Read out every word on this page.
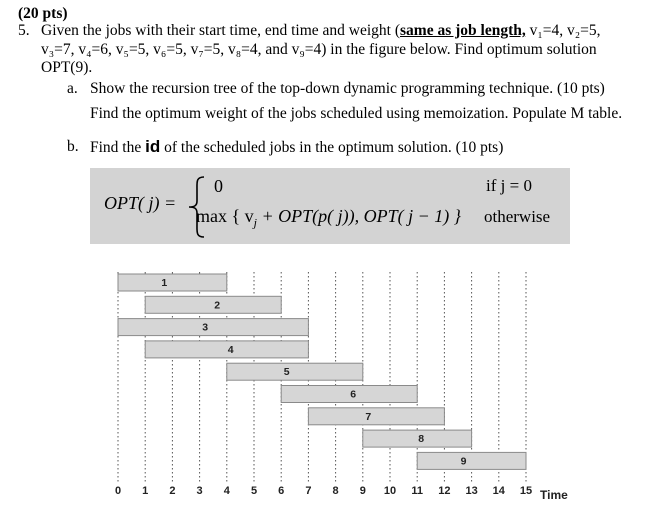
(20 pts)
5. Given the jobs with their start time, end time and weight (same as job length, v₁=4, v₂=5,
v₃=7, v₄=6, v₅=5, v₆=5, v₇=5, v₈=4, and v₉=4) in the figure below. Find optimum solution
OPT(9).
a. Show the recursion tree of the top-down dynamic programming technique. (10 pts)
Find the optimum weight of the jobs scheduled using memoization. Populate M table.
b. Find the id of the scheduled jobs in the optimum solution. (10 pts)
OPT( j) =
0	if j = 0
max { $v_j + OPT(p$( j)), OPT( j − 1) } otherwise
1
2
3
4
5
6
7
8
9
0 1 2 3 4 5 6 7 8 9 10 11 12 13 14 15 Time
